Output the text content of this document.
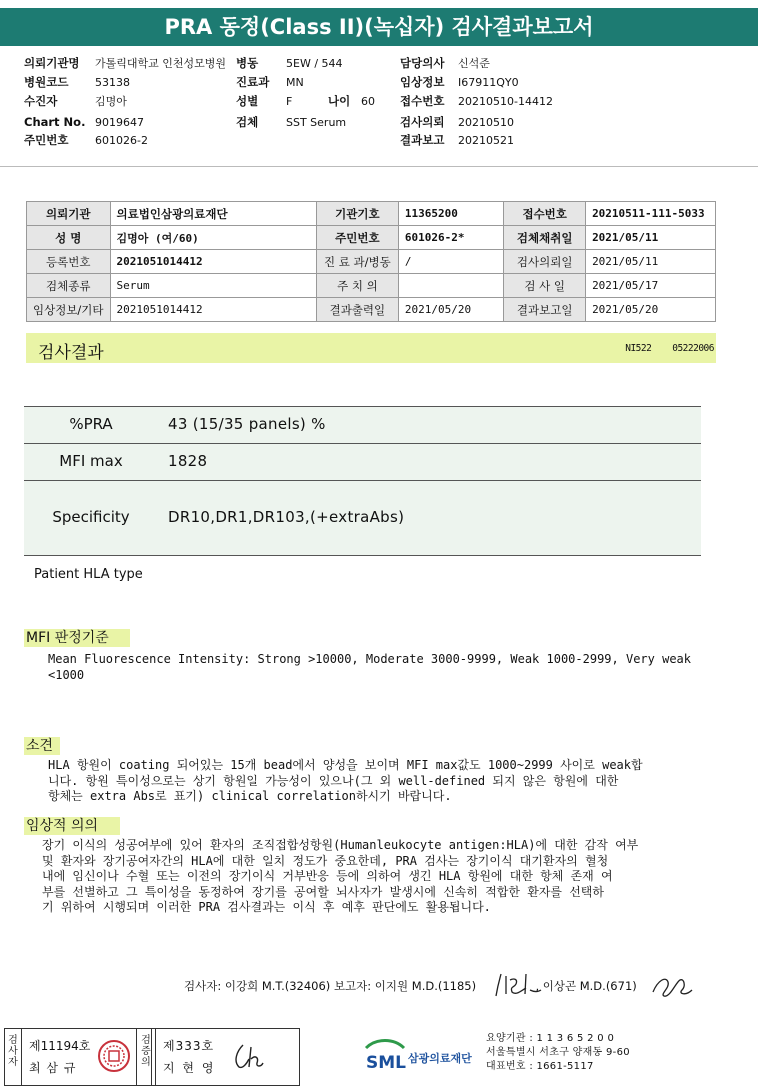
PRA 동정(Class II)(녹십자) 검사결과보고서
의뢰기관명 가톨릭대학교 인천성모병원 병동	5EW / 544	담당의사 신석준
병원코드 53138	진료과 MN	임상정보 I67911QY0
수진자	김명아	성별	F	나이 60 접수번호 20210510-14412
Chart No. 9019647	검체	SST Serum	검사의뢰 20210510
주민번호 601026-2	결과보고 20210521
의뢰기관	의료법인삼광의료재단	기관기호	11365200	접수번호	20210511-111-5033
성 명	김명아 (여/60)	주민번호	601026-2*	검체채취일	2021/05/11
등록번호	2021051014412	진 료 과/병동	/	검사의뢰일	2021/05/11
검체종류	Serum	주 치 의		검 사 일	2021/05/17
임상정보/기타	2021051014412	결과출력일	2021/05/20	결과보고일	2021/05/20
검사결과	NI522 05222006
%PRA	43 (15/35 panels) %
MFI max	1828
Specificity	DR10,DR1,DR103,(+extraAbs)
Patient HLA type
MFI 판정기준
Mean Fluorescence Intensity: Strong >10000, Moderate 3000-9999, Weak 1000-2999, Very weak
<1000
소견
HLA 항원이 coating 되어있는 15개 bead에서 양성을 보이며 MFI max값도 1000~2999 사이로 weak합
니다. 항원 특이성으로는 상기 항원일 가능성이 있으나(그 외 well-defined 되지 않은 항원에 대한
항체는 extra Abs로 표기) clinical correlation하시기 바랍니다.
임상적 의의
장기 이식의 성공여부에 있어 환자의 조직접합성항원(Humanleukocyte antigen:HLA)에 대한 감작 여부
및 환자와 장기공여자간의 HLA에 대한 일치 정도가 중요한데, PRA 검사는 장기이식 대기환자의 혈청
내에 임신이나 수혈 또는 이전의 장기이식 거부반응 등에 의하여 생긴 HLA 항원에 대한 항체 존재 여
부를 선별하고 그 특이성을 동정하여 장기를 공여할 뇌사자가 발생시에 신속히 적합한 환자를 선택하
기 위하여 시행되며 이러한 PRA 검사결과는 이식 후 예후 판단에도 활용됩니다.
검사자: 이강희 M.T.(32406) 보고자: 이지원 M.D.(1185)	, 이상곤 M.D.(671)
검
사
자
제11194호
최 삼 규
검
증
의
제333호
지 현 영	SML 삼광의료재단
요양기관 : 1 1 3 6 5 2 0 0
서울특별시 서초구 양재동 9-60
대표번호 : 1661-5117
